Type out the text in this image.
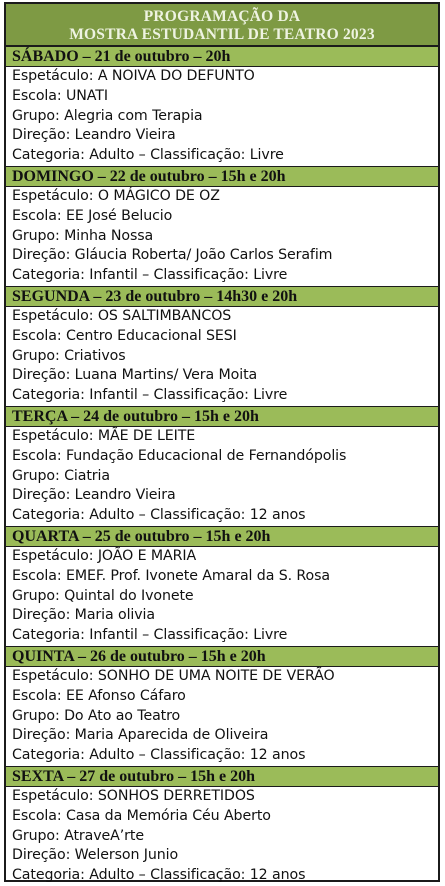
PROGRAMAÇÃO DA
MOSTRA ESTUDANTIL DE TEATRO 2023
SÁBADO – 21 de outubro – 20h
Espetáculo: A NOIVA DO DEFUNTO
Escola: UNATI
Grupo: Alegria com Terapia
Direção: Leandro Vieira
Categoria: Adulto – Classificação: Livre
DOMINGO – 22 de outubro – 15h e 20h
Espetáculo: O MÁGICO DE OZ
Escola: EE José Belucio
Grupo: Minha Nossa
Direção: Gláucia Roberta/ João Carlos Serafim
Categoria: Infantil – Classificação: Livre
SEGUNDA – 23 de outubro – 14h30 e 20h
Espetáculo: OS SALTIMBANCOS
Escola: Centro Educacional SESI
Grupo: Criativos
Direção: Luana Martins/ Vera Moita
Categoria: Infantil – Classificação: Livre
TERÇA – 24 de outubro – 15h e 20h
Espetáculo: MÃE DE LEITE
Escola: Fundação Educacional de Fernandópolis
Grupo: Ciatria
Direção: Leandro Vieira
Categoria: Adulto – Classificação: 12 anos
QUARTA – 25 de outubro – 15h e 20h
Espetáculo: JOÃO E MARIA
Escola: EMEF. Prof. Ivonete Amaral da S. Rosa
Grupo: Quintal do Ivonete
Direção: Maria olivia
Categoria: Infantil – Classificação: Livre
QUINTA – 26 de outubro – 15h e 20h
Espetáculo: SONHO DE UMA NOITE DE VERÃO
Escola: EE Afonso Cáfaro
Grupo: Do Ato ao Teatro
Direção: Maria Aparecida de Oliveira
Categoria: Adulto – Classificação: 12 anos
SEXTA – 27 de outubro – 15h e 20h
Espetáculo: SONHOS DERRETIDOS
Escola: Casa da Memória Céu Aberto
Grupo: AtraveA’rte
Direção: Welerson Junio
Categoria: Adulto – Classificação: 12 anos
